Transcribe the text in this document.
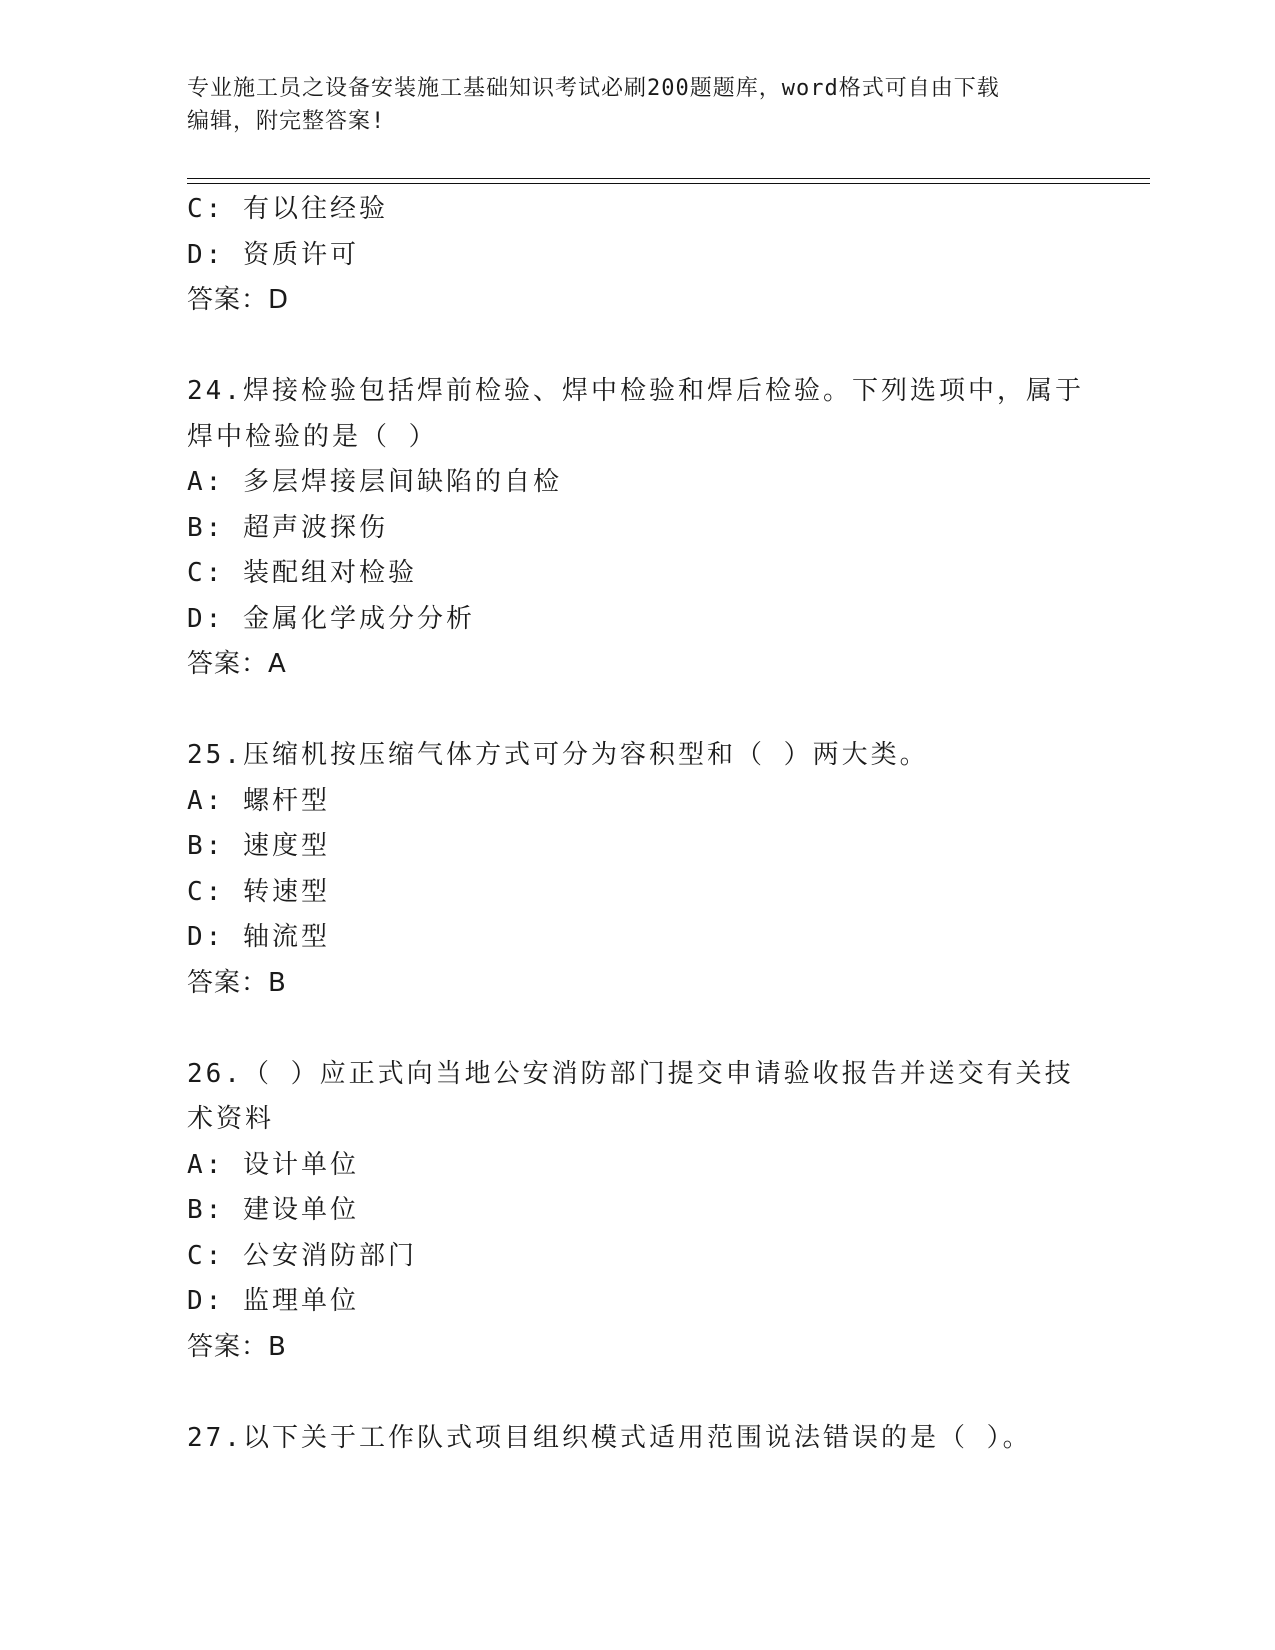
专业施工员之设备安装施工基础知识考试必刷200题题库，word格式可自由下载
编辑，附完整答案!
C: 有以往经验
D: 资质许可
答案：D
24.焊接检验包括焊前检验、焊中检验和焊后检验。下列选项中，属于
焊中检验的是（ ）
A: 多层焊接层间缺陷的自检
B: 超声波探伤
C: 装配组对检验
D: 金属化学成分分析
答案：A
25.压缩机按压缩气体方式可分为容积型和（ ）两大类。
A: 螺杆型
B: 速度型
C: 转速型
D: 轴流型
答案：B
26.（ ）应正式向当地公安消防部门提交申请验收报告并送交有关技
术资料
A: 设计单位
B: 建设单位
C: 公安消防部门
D: 监理单位
答案：B
27.以下关于工作队式项目组织模式适用范围说法错误的是（ ）。
